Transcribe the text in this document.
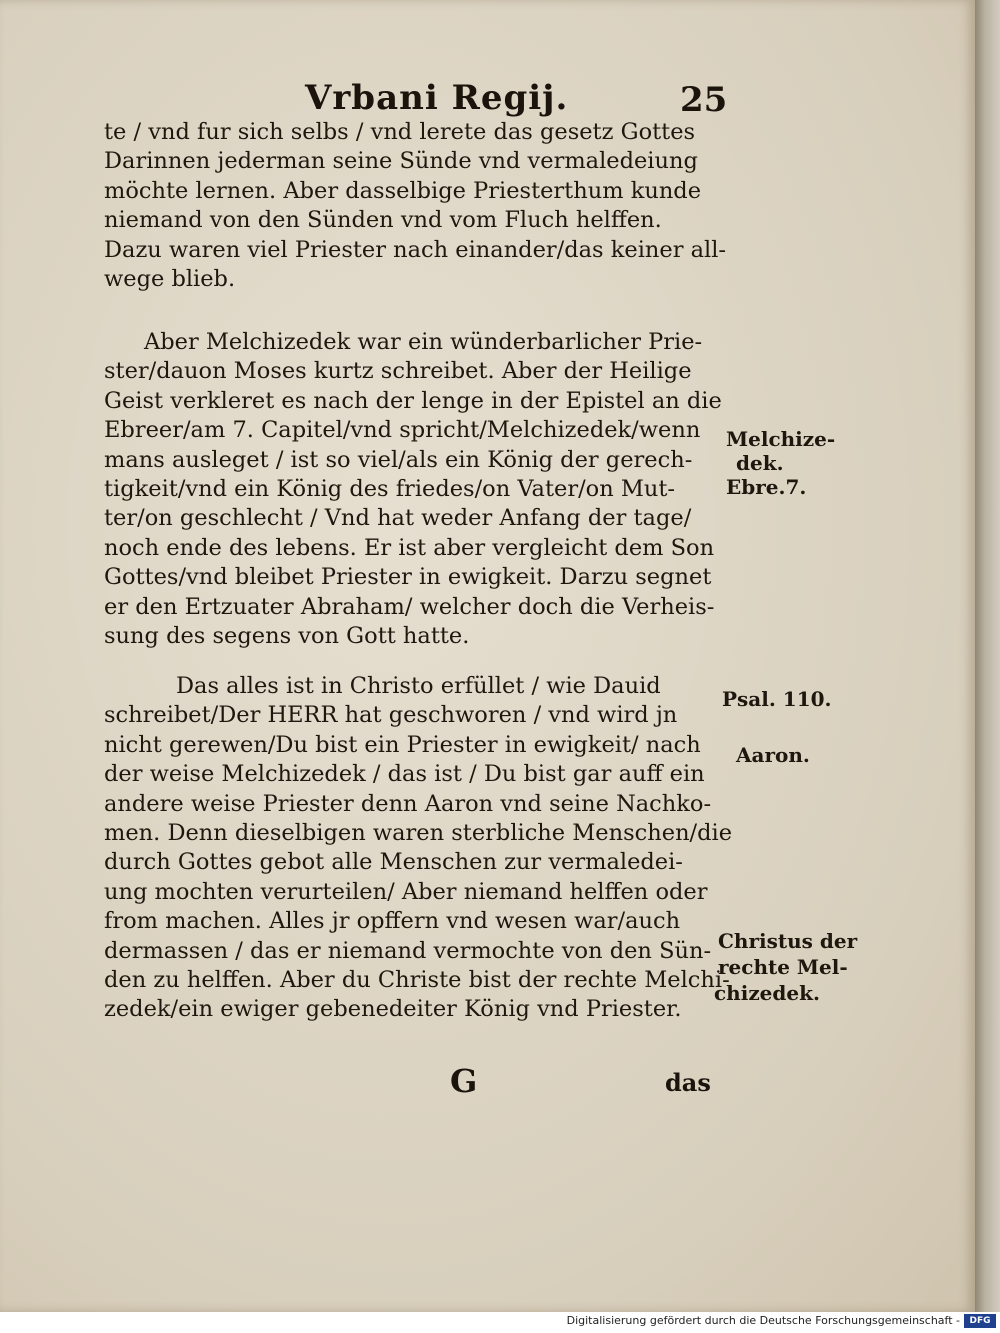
Vrbani Regij.	25
te / vnd fur sich selbs / vnd lerete das gesetz Gottes
Darinnen jederman seine Sünde vnd vermaledeiung
möchte lernen. Aber dasselbige Priesterthum kunde
niemand von den Sünden vnd vom Fluch helffen.
Dazu waren viel Priester nach einander/das keiner all-
wege blieb.
Aber Melchizedek war ein wünderbarlicher Prie-
ster/dauon Moses kurtz schreibet. Aber der Heilige
Geist verkleret es nach der lenge in der Epistel an die
Ebreer/am 7. Capitel/vnd spricht/Melchizedek/wenn
mans ausleget / ist so viel/als ein König der gerech-
tigkeit/vnd ein König des friedes/on Vater/on Mut-
ter/on geschlecht / Vnd hat weder Anfang der tage/
noch ende des lebens. Er ist aber vergleicht dem Son
Gottes/vnd bleibet Priester in ewigkeit. Darzu segnet
er den Ertzuater Abraham/ welcher doch die Verheis-
sung des segens von Gott hatte.
Das alles ist in Christo erfüllet / wie Dauid
schreibet/Der HERR hat geschworen / vnd wird jn
nicht gerewen/Du bist ein Priester in ewigkeit/ nach
der weise Melchizedek / das ist / Du bist gar auff ein
andere weise Priester denn Aaron vnd seine Nachko-
men. Denn dieselbigen waren sterbliche Menschen/die
durch Gottes gebot alle Menschen zur vermaledei-
ung mochten verurteilen/ Aber niemand helffen oder
from machen. Alles jr opffern vnd wesen war/auch
dermassen / das er niemand vermochte von den Sün-
den zu helffen. Aber du Christe bist der rechte Melchi-
zedek/ein ewiger gebenedeiter König vnd Priester.
Melchize-
dek.
Ebre.7.
Psal. 110.
Aaron.
Christus der
rechte Mel-
chizedek.
G	das
Digitalisierung gefördert durch die Deutsche Forschungsgemeinschaft -	DFG
